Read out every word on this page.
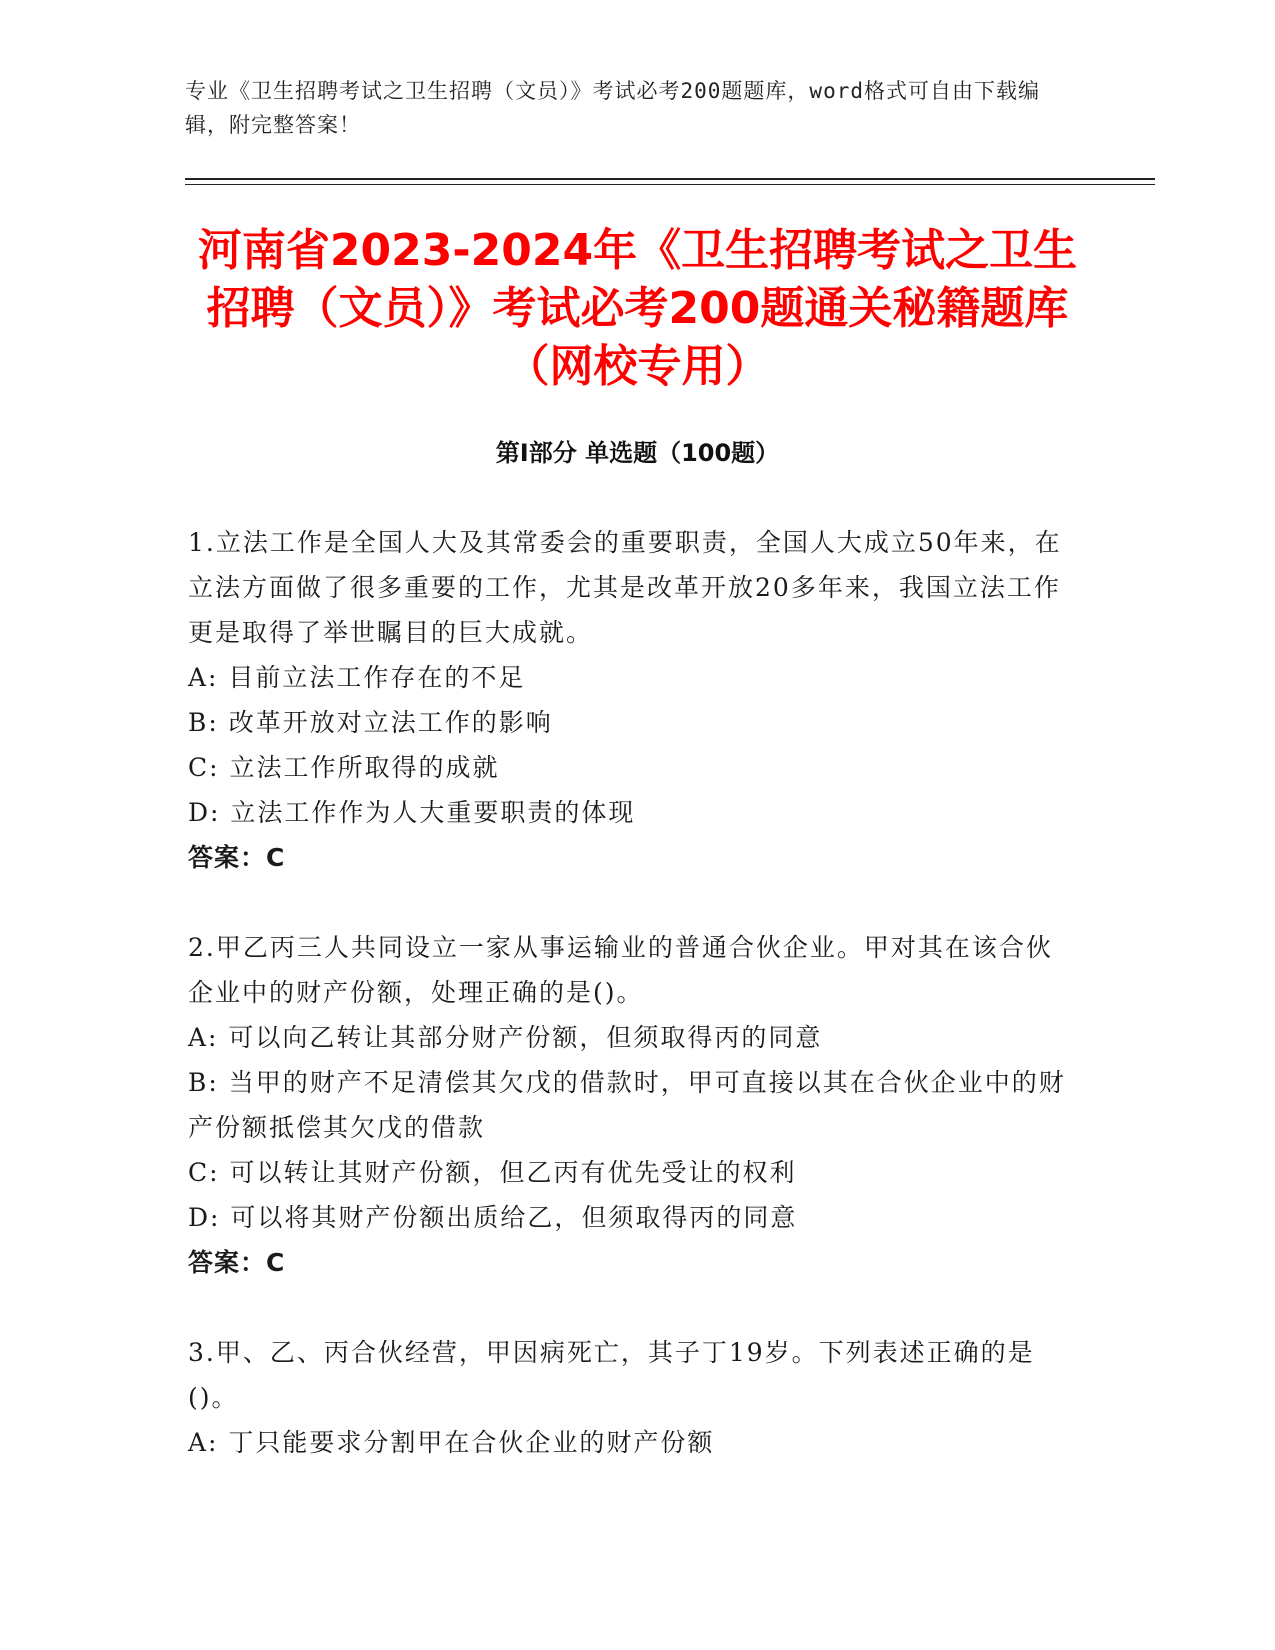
专业《卫生招聘考试之卫生招聘（文员）》考试必考200题题库，word格式可自由下载编辑，附完整答案！
河南省2023-2024年《卫生招聘考试之卫生招聘（文员）》考试必考200题通关秘籍题库（网校专用）
第I部分 单选题（100题）

1.立法工作是全国人大及其常委会的重要职责，全国人大成立50年来，在立法方面做了很多重要的工作，尤其是改革开放20多年来，我国立法工作更是取得了举世瞩目的巨大成就。

A: 目前立法工作存在的不足

B: 改革开放对立法工作的影响

C: 立法工作所取得的成就

D: 立法工作作为人大重要职责的体现

答案：C

2.甲乙丙三人共同设立一家从事运输业的普通合伙企业。甲对其在该合伙企业中的财产份额，处理正确的是()。

A: 可以向乙转让其部分财产份额，但须取得丙的同意

B: 当甲的财产不足清偿其欠戊的借款时，甲可直接以其在合伙企业中的财产份额抵偿其欠戊的借款

C: 可以转让其财产份额，但乙丙有优先受让的权利

D: 可以将其财产份额出质给乙，但须取得丙的同意

答案：C

3.甲、乙、丙合伙经营，甲因病死亡，其子丁19岁。下列表述正确的是()。

A: 丁只能要求分割甲在合伙企业的财产份额
